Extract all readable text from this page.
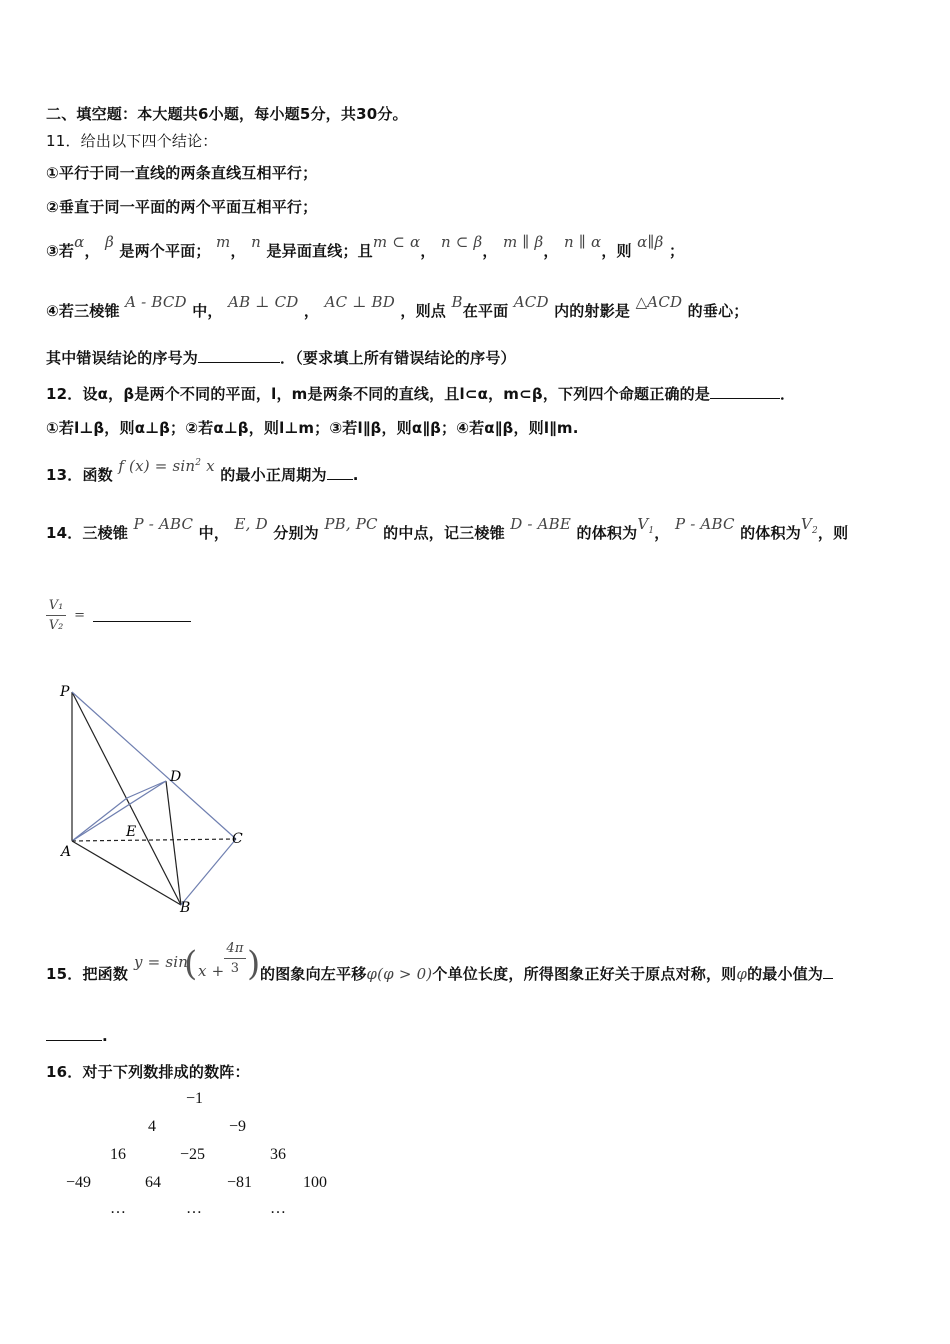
二、填空题：本大题共6小题，每小题5分，共30分。
11．给出以下四个结论：
①平行于同一直线的两条直线互相平行；
②垂直于同一平面的两个平面互相平行；
③若α， β 是两个平面； m， n 是异面直线；且m ⊂ α， n ⊂ β， m ∥ β， n ∥ α，则 α∥β ；
④若三棱锥 A - BCD 中， AB ⊥ CD ， AC ⊥ BD ，则点 B在平面 ACD 内的射影是 △ACD 的垂心；
其中错误结论的序号为	．（要求填上所有错误结论的序号）
12．设α，β是两个不同的平面，l，m是两条不同的直线，且l⊂α，m⊂β，下列四个命题正确的是	．
①若l⊥β，则α⊥β；②若α⊥β，则l⊥m；③若l∥β，则α∥β；④若α∥β，则l∥m.
13．函数 f $(x) = \sin^2 x$ 的最小正周期为 .
14．三棱锥 P - ABC 中， E, D 分别为 PB, PC 的中点，记三棱锥 D - ABE 的体积为$V_1$， P - ABC 的体积为$V_2$，则
$\frac{\text{V₁}}{\text{V₂}}$ =
P
D
E	C
A
B
15．把函数
y = sin
( x +
4π
3 ) 的图象向左平移φ(φ > 0)个单位长度，所得图象正好关于原点对称，则φ的最小值为
.
16．对于下列数排成的数阵：
−1
4	−9
16	−25	36
−49	64	−81	100
…	…	…
